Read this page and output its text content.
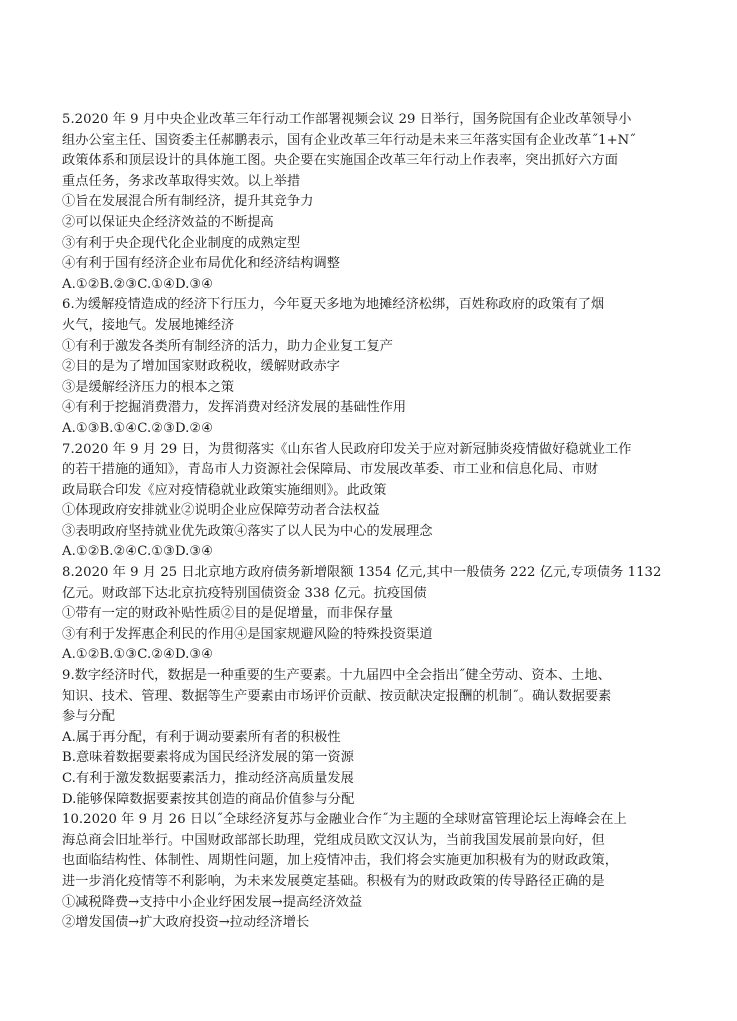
5.2020 年 9 月中央企业改革三年行动工作部署视频会议 29 日举行，国务院国有企业改革领导小
组办公室主任、国资委主任郝鹏表示，国有企业改革三年行动是未来三年落实国有企业改革˝1+N˝
政策体系和顶层设计的具体施工图。央企要在实施国企改革三年行动上作表率，突出抓好六方面
重点任务，务求改革取得实效。以上举措
①旨在发展混合所有制经济，提升其竞争力
②可以保证央企经济效益的不断提高
③有利于央企现代化企业制度的成熟定型
④有利于国有经济企业布局优化和经济结构调整
A.①②B.②③C.①④D.③④
6.为缓解疫情造成的经济下行压力，今年夏天多地为地摊经济松绑，百姓称政府的政策有了烟
火气，接地气。发展地摊经济
①有利于激发各类所有制经济的活力，助力企业复工复产
②目的是为了增加国家财政税收，缓解财政赤字
③是缓解经济压力的根本之策
④有利于挖掘消费潜力，发挥消费对经济发展的基础性作用
A.①③B.①④C.②③D.②④
7.2020 年 9 月 29 日，为贯彻落实《山东省人民政府印发关于应对新冠肺炎疫情做好稳就业工作
的若干措施的通知》，青岛市人力资源社会保障局、市发展改革委、市工业和信息化局、市财
政局联合印发《应对疫情稳就业政策实施细则》。此政策
①体现政府安排就业②说明企业应保障劳动者合法权益
③表明政府坚持就业优先政策④落实了以人民为中心的发展理念
A.①②B.②④C.①③D.③④
8.2020 年 9 月 25 日北京地方政府债务新增限额 1354 亿元,其中一般债务 222 亿元,专项债务 1132
亿元。财政部下达北京抗疫特别国债资金 338 亿元。抗疫国债
①带有一定的财政补贴性质②目的是促增量，而非保存量
③有利于发挥惠企利民的作用④是国家规避风险的特殊投资渠道
A.①②B.①③C.②④D.③④
9.数字经济时代，数据是一种重要的生产要素。十九届四中全会指出˝健全劳动、资本、土地、
知识、技术、管理、数据等生产要素由市场评价贡献、按贡献决定报酬的机制˝。确认数据要素
参与分配
A.属于再分配，有利于调动要素所有者的积极性
B.意味着数据要素将成为国民经济发展的第一资源
C.有利于激发数据要素活力，推动经济高质量发展
D.能够保障数据要素按其创造的商品价值参与分配
10.2020 年 9 月 26 日以˝全球经济复苏与金融业合作˝为主题的全球财富管理论坛上海峰会在上
海总商会旧址举行。中国财政部部长助理，党组成员欧文汉认为，当前我国发展前景向好，但
也面临结构性、体制性、周期性问题，加上疫情冲击，我们将会实施更加积极有为的财政政策，
进一步消化疫情等不利影响，为未来发展奠定基础。积极有为的财政政策的传导路径正确的是
①减税降费→支持中小企业纾困发展→提高经济效益
②增发国债→扩大政府投资→拉动经济增长
